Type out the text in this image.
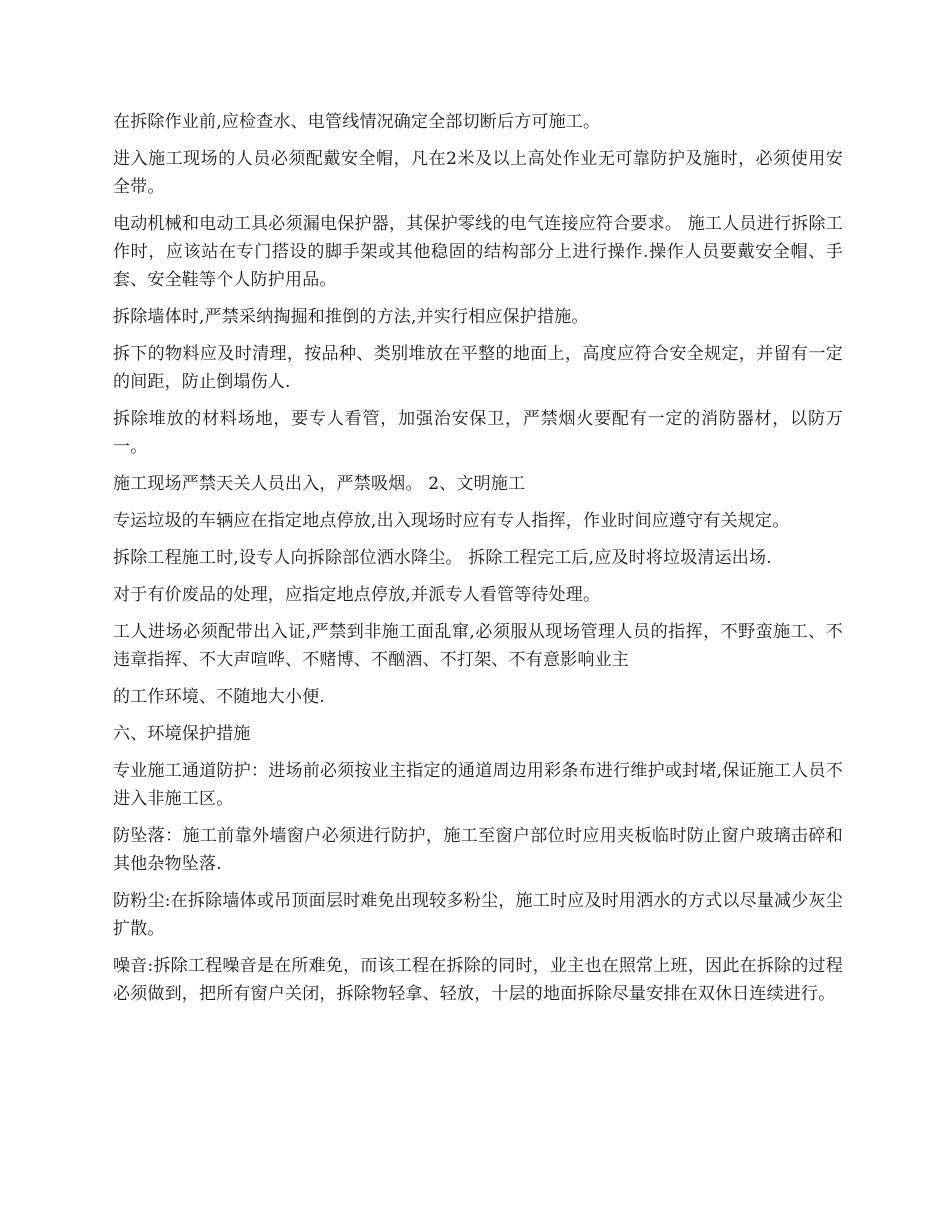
在拆除作业前,应检查水、电管线情况确定全部切断后方可施工。

进入施工现场的人员必须配戴安全帽，凡在2米及以上高处作业无可靠防护及施时，必须使用安全带。

电动机械和电动工具必须漏电保护器，其保护零线的电气连接应符合要求。 施工人员进行拆除工作时，应该站在专门搭设的脚手架或其他稳固的结构部分上进行操作.操作人员要戴安全帽、手套、安全鞋等个人防护用品。

拆除墙体时,严禁采纳掏掘和推倒的方法,并实行相应保护措施。

拆下的物料应及时清理，按品种、类别堆放在平整的地面上，高度应符合安全规定，并留有一定的间距，防止倒塌伤人.

拆除堆放的材料场地，要专人看管，加强治安保卫，严禁烟火要配有一定的消防器材，以防万一。

施工现场严禁天关人员出入，严禁吸烟。 2、文明施工

专运垃圾的车辆应在指定地点停放,出入现场时应有专人指挥，作业时间应遵守有关规定。

拆除工程施工时,设专人向拆除部位洒水降尘。 拆除工程完工后,应及时将垃圾清运出场.

对于有价废品的处理，应指定地点停放,并派专人看管等待处理。

工人进场必须配带出入证,严禁到非施工面乱窜,必须服从现场管理人员的指挥，不野蛮施工、不违章指挥、不大声喧哗、不赌博、不酗酒、不打架、不有意影响业主

的工作环境、不随地大小便.

六、环境保护措施

专业施工通道防护：进场前必须按业主指定的通道周边用彩条布进行维护或封堵,保证施工人员不进入非施工区。

防坠落：施工前靠外墙窗户必须进行防护，施工至窗户部位时应用夹板临时防止窗户玻璃击碎和其他杂物坠落.

防粉尘:在拆除墙体或吊顶面层时难免出现较多粉尘，施工时应及时用洒水的方式以尽量减少灰尘扩散。

噪音:拆除工程噪音是在所难免，而该工程在拆除的同时，业主也在照常上班，因此在拆除的过程必须做到，把所有窗户关闭，拆除物轻拿、轻放，十层的地面拆除尽量安排在双休日连续进行。
